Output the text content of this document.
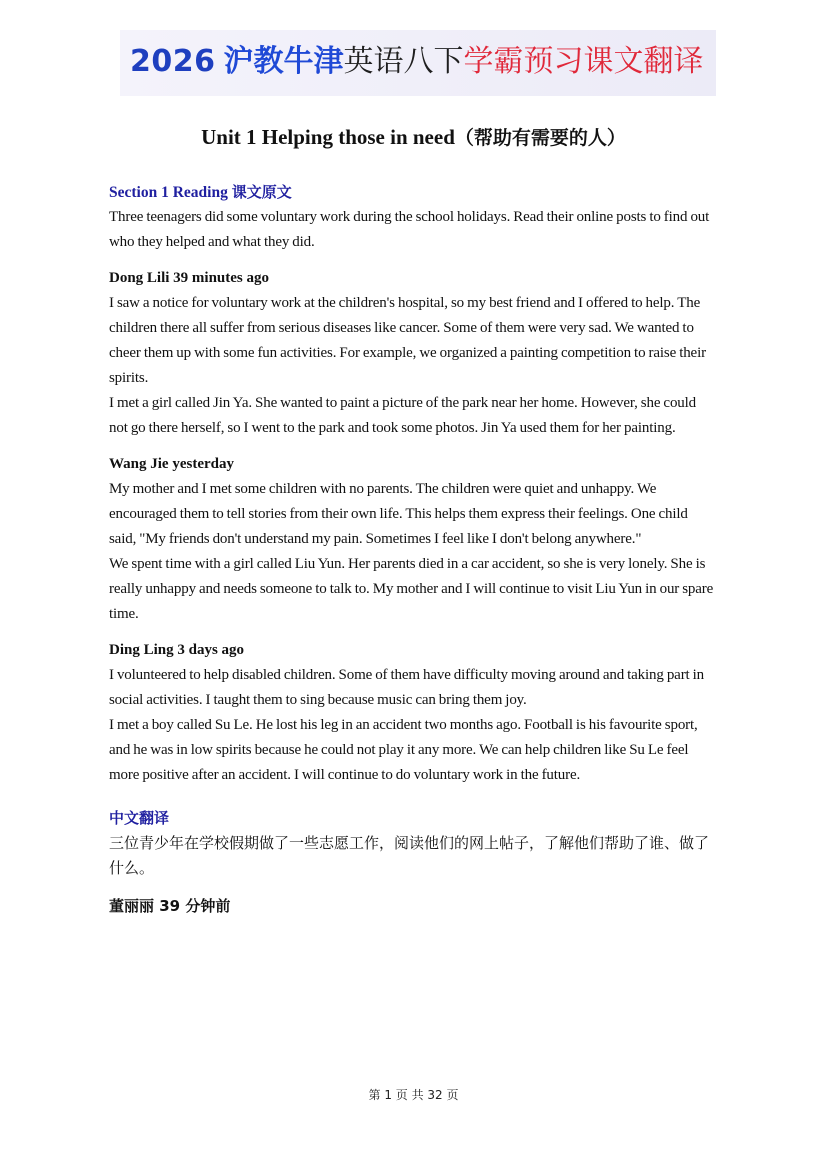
2026 沪教牛津英语八下学霸预习课文翻译
Unit 1 Helping those in need（帮助有需要的人）

Section 1 Reading 课文原文

Three teenagers did some voluntary work during the school holidays. Read their online posts to find out who they helped and what they did.

Dong Lili 39 minutes ago

I saw a notice for voluntary work at the children's hospital, so my best friend and I offered to help. The children there all suffer from serious diseases like cancer. Some of them were very sad. We wanted to cheer them up with some fun activities. For example, we organized a painting competition to raise their spirits.

I met a girl called Jin Ya. She wanted to paint a picture of the park near her home. However, she could not go there herself, so I went to the park and took some photos. Jin Ya used them for her painting.

Wang Jie yesterday

My mother and I met some children with no parents. The children were quiet and unhappy. We encouraged them to tell stories from their own life. This helps them express their feelings. One child said, "My friends don't understand my pain. Sometimes I feel like I don't belong anywhere."

We spent time with a girl called Liu Yun. Her parents died in a car accident, so she is very lonely. She is really unhappy and needs someone to talk to. My mother and I will continue to visit Liu Yun in our spare time.

Ding Ling 3 days ago

I volunteered to help disabled children. Some of them have difficulty moving around and taking part in social activities. I taught them to sing because music can bring them joy.

I met a boy called Su Le. He lost his leg in an accident two months ago. Football is his favourite sport, and he was in low spirits because he could not play it any more. We can help children like Su Le feel more positive after an accident. I will continue to do voluntary work in the future.

中文翻译

三位青少年在学校假期做了一些志愿工作，阅读他们的网上帖子，了解他们帮助了谁、做了什么。

董丽丽 39 分钟前

第 1 页 共 32 页
